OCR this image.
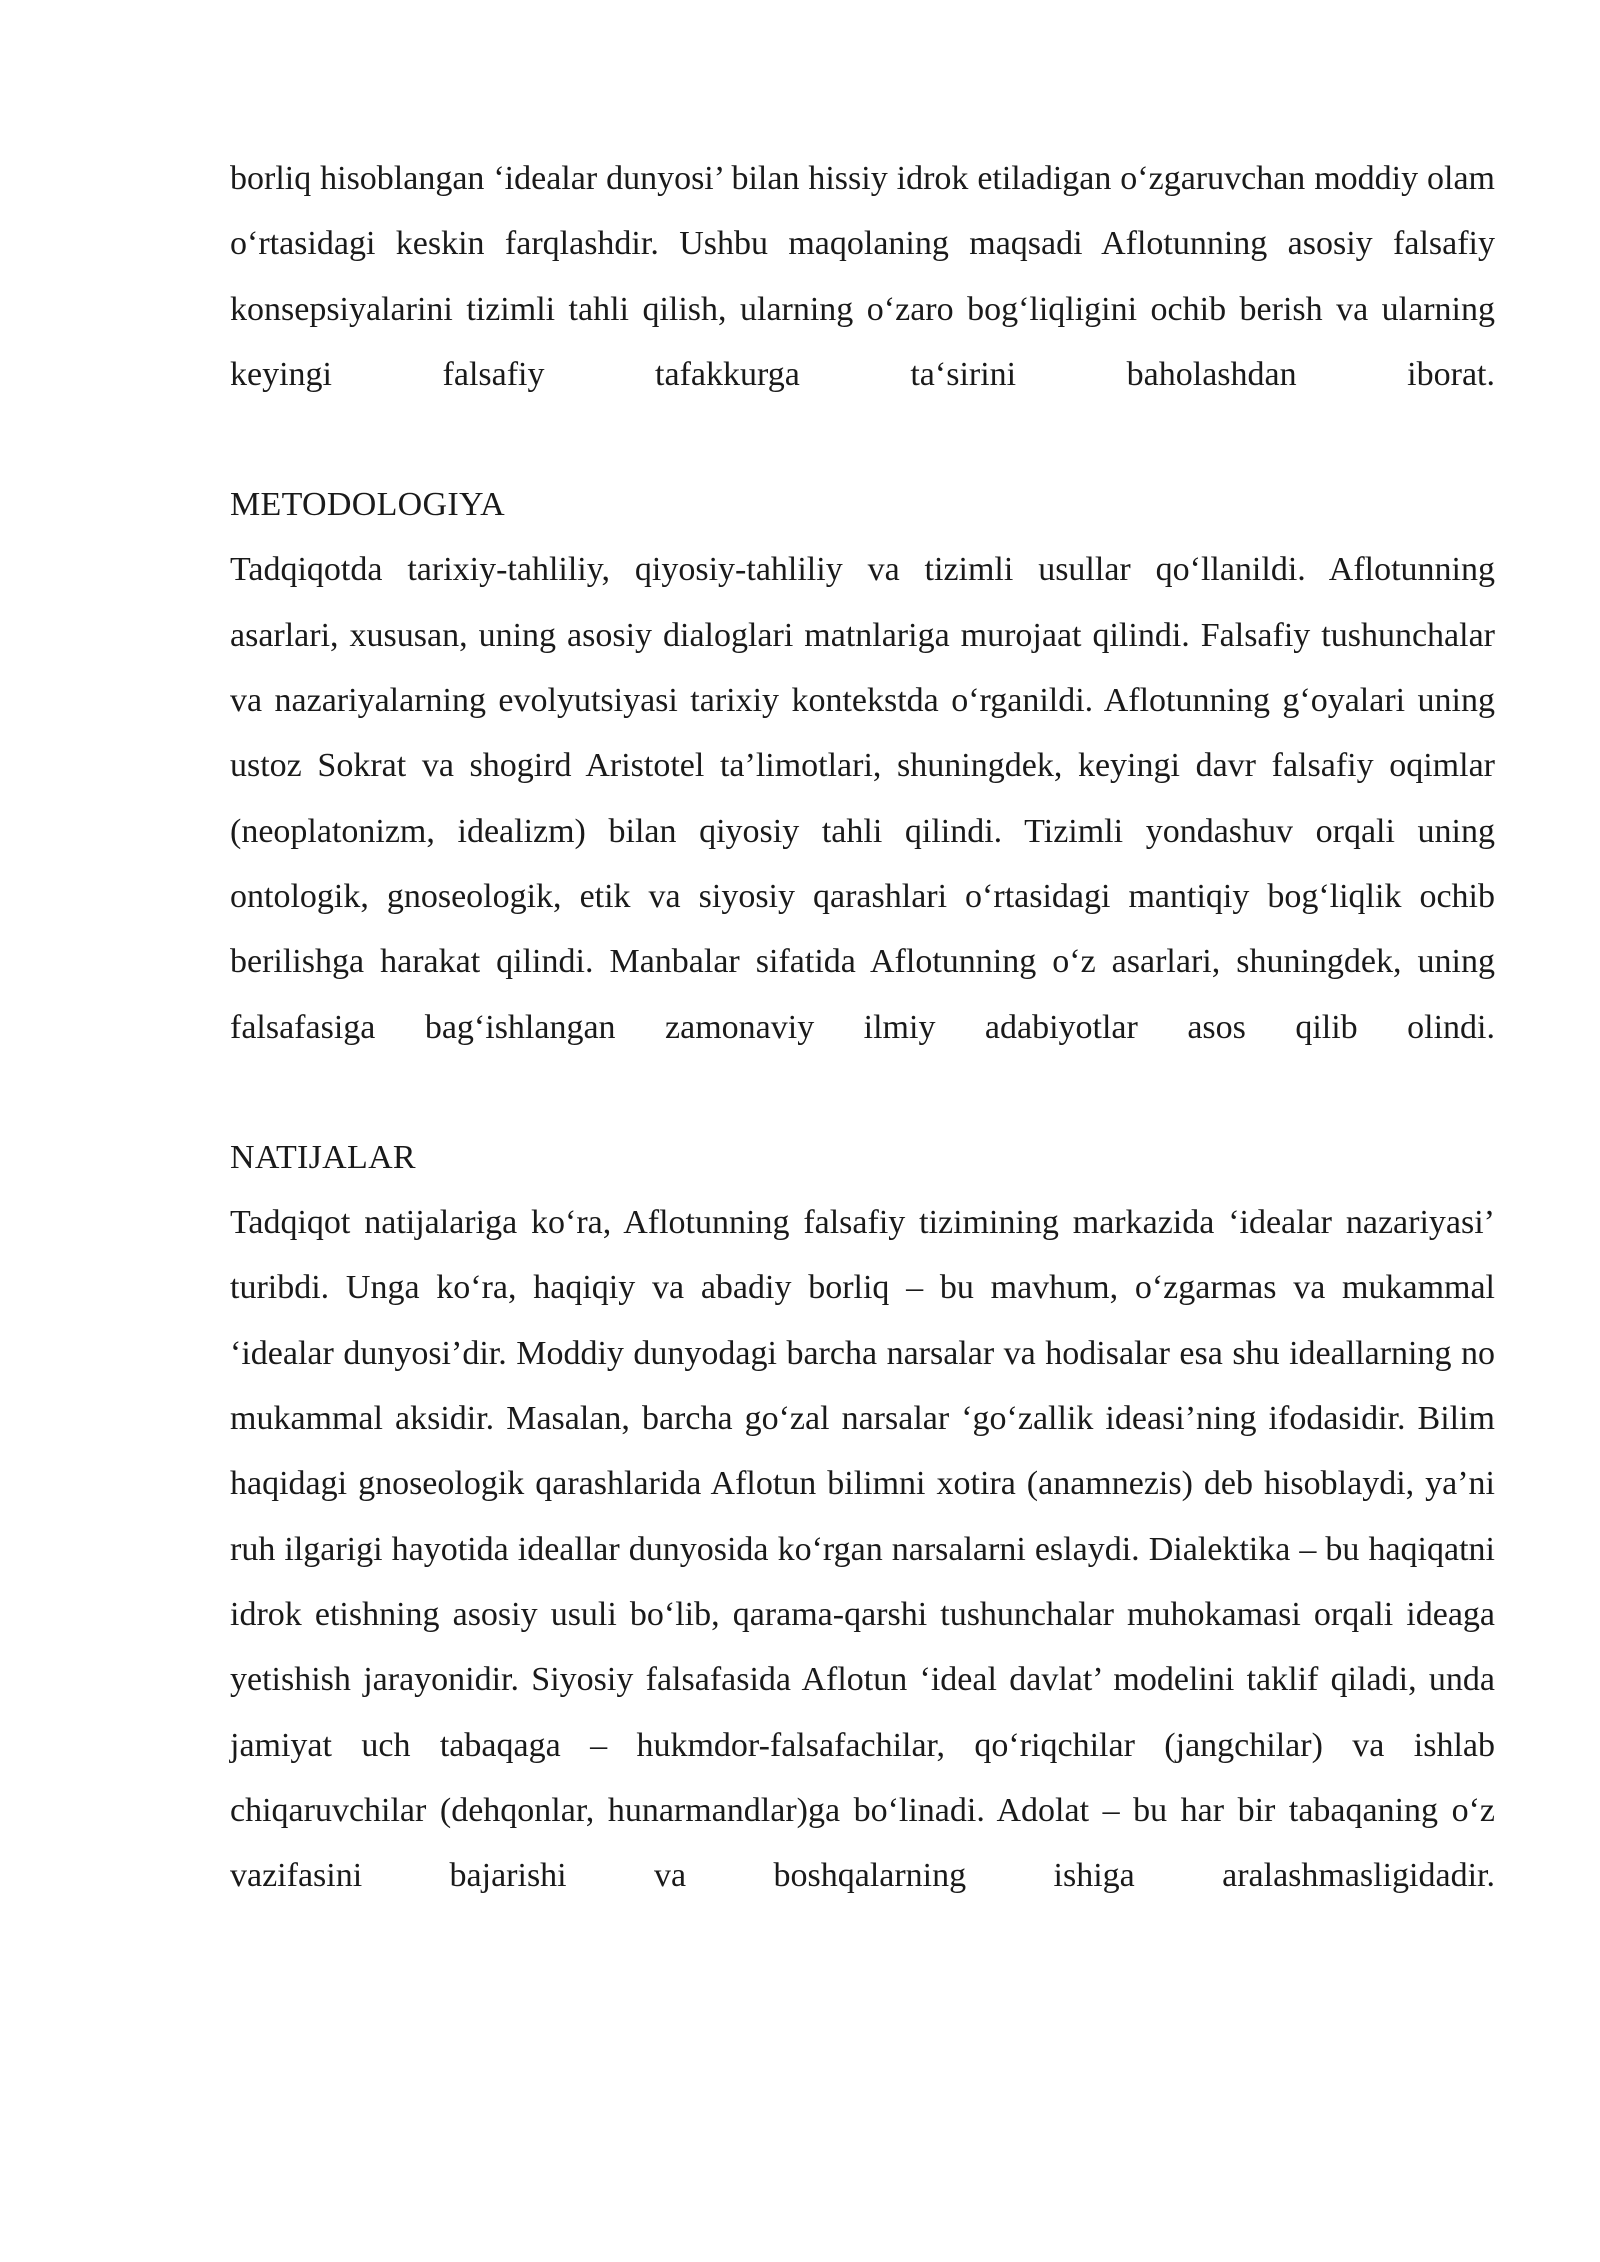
borliq hisoblangan ‘idealar dunyosi’ bilan hissiy idrok etiladigan o‘zgaruvchan moddiy olam o‘rtasidagi keskin farqlashdir. Ushbu maqolaning maqsadi Aflotunning asosiy falsafiy konsepsiyalarini tizimli tahli qilish, ularning o‘zaro bog‘liqligini ochib berish va ularning keyingi falsafiy tafakkurga ta‘sirini baholashdan iborat.

METODOLOGIYA

Tadqiqotda tarixiy-tahliliy, qiyosiy-tahliliy va tizimli usullar qo‘llanildi. Aflotunning asarlari, xususan, uning asosiy dialoglari matnlariga murojaat qilindi. Falsafiy tushunchalar va nazariyalarning evolyutsiyasi tarixiy kontekstda o‘rganildi. Aflotunning g‘oyalari uning ustoz Sokrat va shogird Aristotel ta’limotlari, shuningdek, keyingi davr falsafiy oqimlar (neoplatonizm, idealizm) bilan qiyosiy tahli qilindi. Tizimli yondashuv orqali uning ontologik, gnoseologik, etik va siyosiy qarashlari o‘rtasidagi mantiqiy bog‘liqlik ochib berilishga harakat qilindi. Manbalar sifatida Aflotunning o‘z asarlari, shuningdek, uning falsafasiga bag‘ishlangan zamonaviy ilmiy adabiyotlar asos qilib olindi.

NATIJALAR

Tadqiqot natijalariga ko‘ra, Aflotunning falsafiy tizimining markazida ‘idealar nazariyasi’ turibdi. Unga ko‘ra, haqiqiy va abadiy borliq – bu mavhum, o‘zgarmas va mukammal ‘idealar dunyosi’dir. Moddiy dunyodagi barcha narsalar va hodisalar esa shu ideallarning no mukammal aksidir. Masalan, barcha go‘zal narsalar ‘go‘zallik ideasi’ning ifodasidir. Bilim haqidagi gnoseologik qarashlarida Aflotun bilimni xotira (anamnezis) deb hisoblaydi, ya’ni ruh ilgarigi hayotida ideallar dunyosida ko‘rgan narsalarni eslaydi. Dialektika – bu haqiqatni idrok etishning asosiy usuli bo‘lib, qarama-qarshi tushunchalar muhokamasi orqali ideaga yetishish jarayonidir. Siyosiy falsafasida Aflotun ‘ideal davlat’ modelini taklif qiladi, unda jamiyat uch tabaqaga – hukmdor-falsafachilar, qo‘riqchilar (jangchilar) va ishlab chiqaruvchilar (dehqonlar, hunarmandlar)ga bo‘linadi. Adolat – bu har bir tabaqaning o‘z vazifasini bajarishi va boshqalarning ishiga aralashmasligidadir.
